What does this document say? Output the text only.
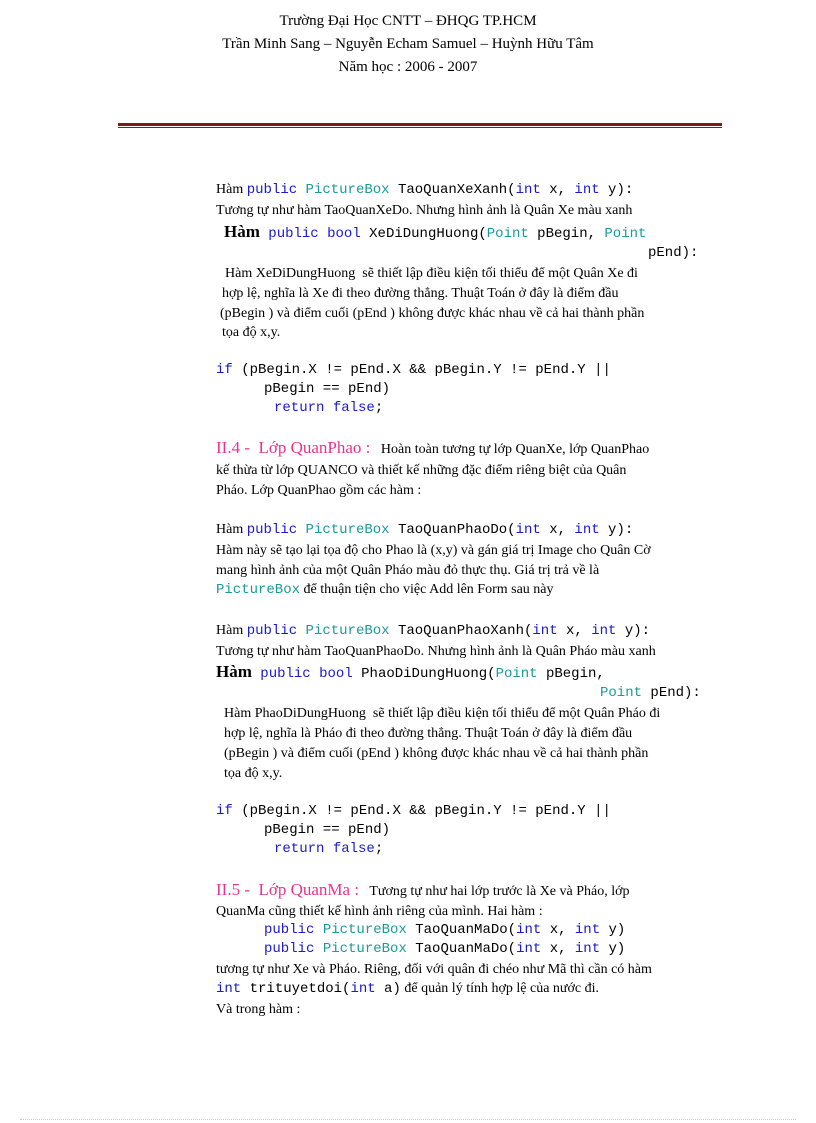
Trường Đại Học CNTT – ĐHQG TP.HCM
Trần Minh Sang – Nguyễn Echam Samuel – Huỳnh Hữu Tâm
Năm học : 2006 - 2007
Hàm public PictureBox TaoQuanXeXanh(int x, int y):
Tương tự như hàm TaoQuanXeDo. Nhưng hình ảnh là Quân Xe màu xanh
Hàm public bool XeDiDungHuong(Point pBegin, Point
pEnd):
Hàm XeDiDungHuong  sẽ thiết lập điều kiện tối thiểu để một Quân Xe đi
hợp lệ, nghĩa là Xe đi theo đường thẳng. Thuật Toán ở đây là điểm đầu
(pBegin ) và điểm cuối (pEnd ) không được khác nhau về cả hai thành phần
tọa độ x,y.
if (pBegin.X != pEnd.X && pBegin.Y != pEnd.Y ||
pBegin == pEnd)
return false;
II.4 -  Lớp QuanPhao : Hoàn toàn tương tự lớp QuanXe, lớp QuanPhao
kế thừa từ lớp QUANCO và thiết kế những đặc điểm riêng biệt của Quân
Pháo. Lớp QuanPhao gồm các hàm :
Hàm public PictureBox TaoQuanPhaoDo(int x, int y):
Hàm này sẽ tạo lại tọa độ cho Phao là (x,y) và gán giá trị Image cho Quân Cờ
mang hình ảnh của một Quân Pháo màu đỏ thực thụ. Giá trị trả về là
PictureBox để thuận tiện cho việc Add lên Form sau này
Hàm public PictureBox TaoQuanPhaoXanh(int x, int y):
Tương tự như hàm TaoQuanPhaoDo. Nhưng hình ảnh là Quân Pháo màu xanh
Hàm public bool PhaoDiDungHuong(Point pBegin,
Point pEnd):
Hàm PhaoDiDungHuong  sẽ thiết lập điều kiện tối thiểu để một Quân Pháo đi
hợp lệ, nghĩa là Pháo đi theo đường thẳng. Thuật Toán ở đây là điểm đầu
(pBegin ) và điểm cuối (pEnd ) không được khác nhau về cả hai thành phần
tọa độ x,y.
if (pBegin.X != pEnd.X && pBegin.Y != pEnd.Y ||
pBegin == pEnd)
return false;
II.5 -  Lớp QuanMa : Tương tự như hai lớp trước là Xe và Pháo, lớp
QuanMa cũng thiết kế hình ảnh riêng của mình. Hai hàm :
public PictureBox TaoQuanMaDo(int x, int y)
public PictureBox TaoQuanMaDo(int x, int y)
tương tự như Xe và Pháo. Riêng, đối với quân đi chéo như Mã thì cần có hàm
int trituyetdoi(int a) để quản lý tính hợp lệ của nước đi.
Và trong hàm :
